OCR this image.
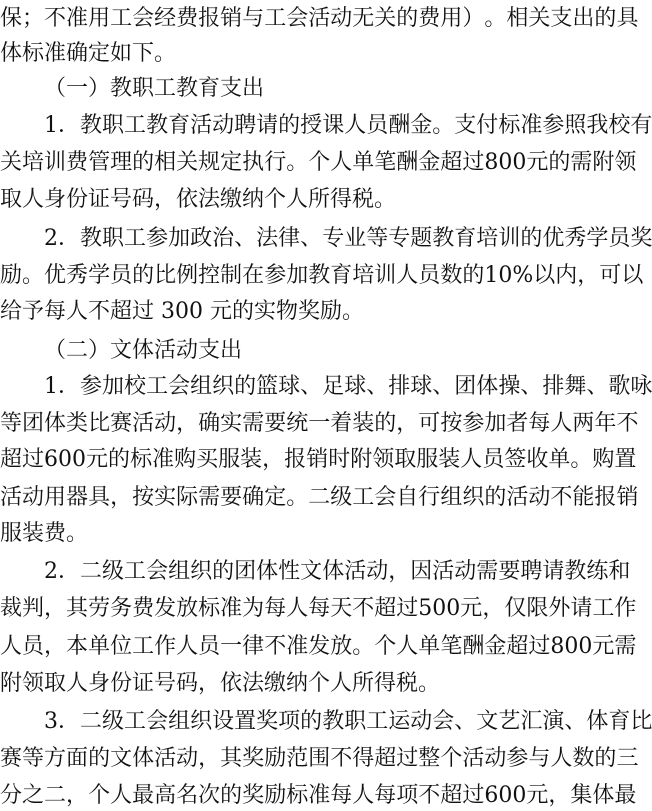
保 ； 不 准 用 工 会 经 费 报 销 与 工 会 活 动 无 关 的 费 用 ） 。 相 关 支 出 的 具
体标准确定如下。
（一）教职工教育支出
1 ． 教 职 工 教 育 活 动 聘 请 的 授 课 人 员 酬 金 。 支 付 标 准 参 照 我 校 有
关 培 训 费 管 理 的 相 关 规 定 执 行 。 个 人 单 笔 酬 金 超 过 800 元 的 需 附 领
取人身份证号码，依法缴纳个人所得税。
2 ． 教 职 工 参 加 政 治 、 法 律 、 专 业 等 专 题 教 育 培 训 的 优 秀 学 员 奖
励 。 优 秀 学 员 的 比 例 控 制 在 参 加 教 育 培 训 人 员 数 的 10% 以 内 ， 可 以
给予每人不超过 300 元的实物奖励。
（二）文体活动支出
1 ． 参 加 校 工 会 组 织 的 篮 球 、 足 球 、 排 球 、 团 体 操 、 排 舞 、 歌 咏
等 团 体 类 比 赛 活 动 ， 确 实 需 要 统 一 着 装 的 ， 可 按 参 加 者 每 人 两 年 不
超 过 600 元 的 标 准 购 买 服 装 ， 报 销 时 附 领 取 服 装 人 员 签 收 单 。 购 置
活 动 用 器 具 ， 按 实 际 需 要 确 定 。 二 级 工 会 自 行 组 织 的 活 动 不 能 报 销
服装费。
2 ． 二 级 工 会 组 织 的 团 体 性 文 体 活 动 ， 因 活 动 需 要 聘 请 教 练 和
裁 判 ， 其 劳 务 费 发 放 标 准 为 每 人 每 天 不 超 过 500 元 ， 仅 限 外 请 工 作
人 员 ， 本 单 位 工 作 人 员 一 律 不 准 发 放 。 个 人 单 笔 酬 金 超 过 800 元 需
附领取人身份证号码，依法缴纳个人所得税。
3 ． 二 级 工 会 组 织 设 置 奖 项 的 教 职 工 运 动 会 、 文 艺 汇 演 、 体 育 比
赛 等 方 面 的 文 体 活 动 ， 其 奖 励 范 围 不 得 超 过 整 个 活 动 参 与 人 数 的 三
分 之 二 ， 个 人 最 高 名 次 的 奖 励 标 准 每 人 每 项 不 超 过 600 元 ， 集 体 最
